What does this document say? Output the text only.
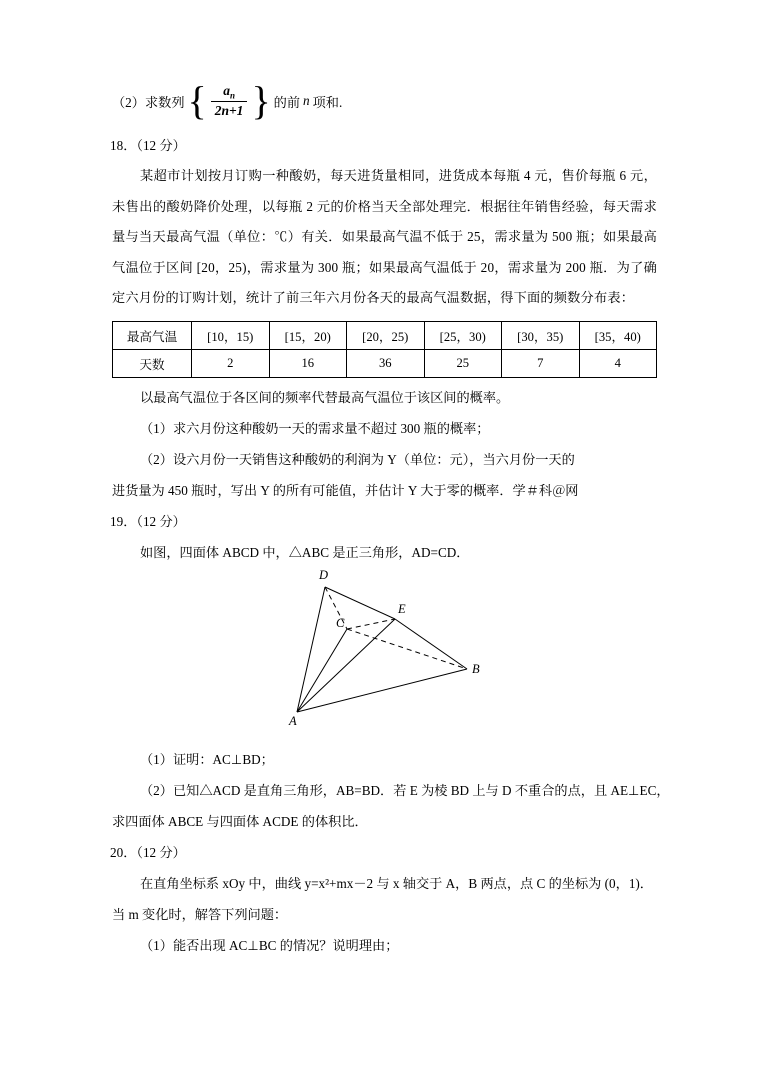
（2）求数列 { $\frac{a_n}{2n+1}$ } 的前 n 项和.
18．（12 分）
某超市计划按月订购一种酸奶，每天进货量相同，进货成本每瓶 4 元，售价每瓶 6 元，未售出的酸奶降价处理，以每瓶 2 元的价格当天全部处理完．根据往年销售经验，每天需求量与当天最高气温（单位：℃）有关．如果最高气温不低于 25，需求量为 500 瓶；如果最高气温位于区间 [20，25)，需求量为 300 瓶；如果最高气温低于 20，需求量为 200 瓶．为了确定六月份的订购计划，统计了前三年六月份各天的最高气温数据，得下面的频数分布表：
最高气温	[10，15)	[15，20)	[20，25)	[25，30)	[30，35)	[35，40)
天数	2	16	36	25	7	4
以最高气温位于各区间的频率代替最高气温位于该区间的概率。
（1）求六月份这种酸奶一天的需求量不超过 300 瓶的概率；
（2）设六月份一天销售这种酸奶的利润为 Y（单位：元），当六月份一天的
进货量为 450 瓶时，写出 Y 的所有可能值，并估计 Y 大于零的概率．学＃科＠网
19．（12 分）
如图，四面体 ABCD 中，△ABC 是正三角形，AD=CD．
D
E
C
B
A
（1）证明：AC⊥BD；
（2）已知△ACD 是直角三角形，AB=BD．若 E 为棱 BD 上与 D 不重合的点，且 AE⊥EC，
求四面体 ABCE 与四面体 ACDE 的体积比．
20．（12 分）
在直角坐标系 xOy 中，曲线 y=x²+mx－2 与 x 轴交于 A，B 两点，点 C 的坐标为 (0，1)．
当 m 变化时，解答下列问题：
（1）能否出现 AC⊥BC 的情况？说明理由；
